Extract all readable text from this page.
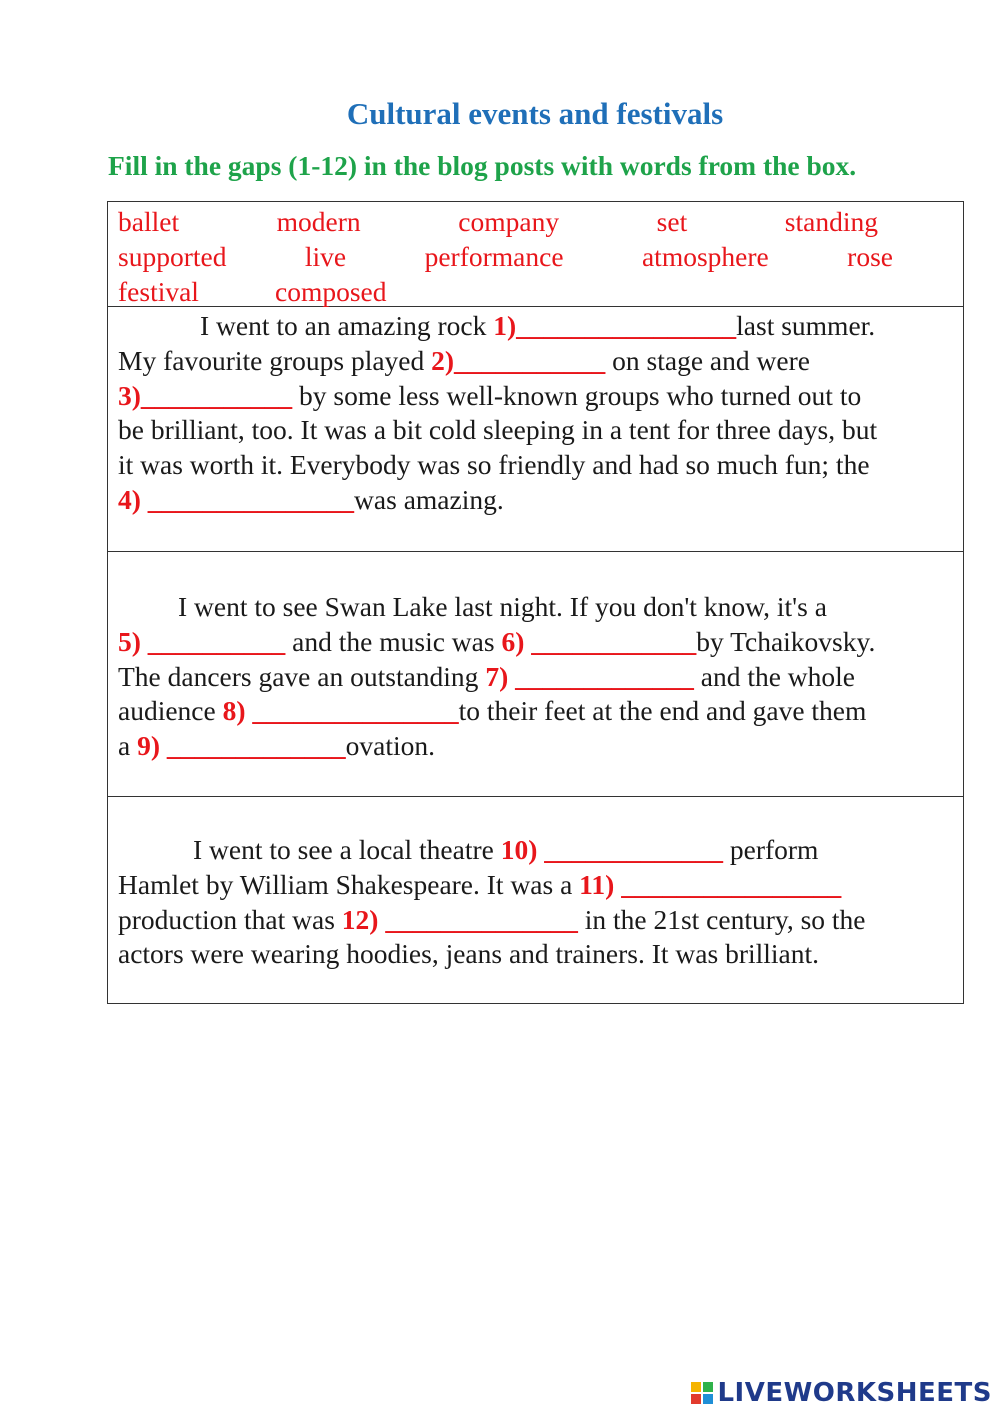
Cultural events and festivals
Fill in the gaps (1-12) in the blog posts with words from the box.
ballet	modern	company	set	standing
supported	live	performance	atmosphere	rose
festival	composed
I went to an amazing rock 1)________________last summer.
My favourite groups played 2)___________ on stage and were
3)___________ by some less well-known groups who turned out to
be brilliant, too. It was a bit cold sleeping in a tent for three days, but
it was worth it. Everybody was so friendly and had so much fun; the
4) _______________was amazing.
I went to see Swan Lake last night. If you don't know, it's a
5) __________ and the music was 6) ____________by Tchaikovsky.
The dancers gave an outstanding 7) _____________ and the whole
audience 8) _______________to their feet at the end and gave them
a 9) _____________ovation.
I went to see a local theatre 10) _____________ perform
Hamlet by William Shakespeare. It was a 11) ________________
production that was 12) ______________ in the 21st century, so the
actors were wearing hoodies, jeans and trainers. It was brilliant.
LIVEWORKSHEETS
